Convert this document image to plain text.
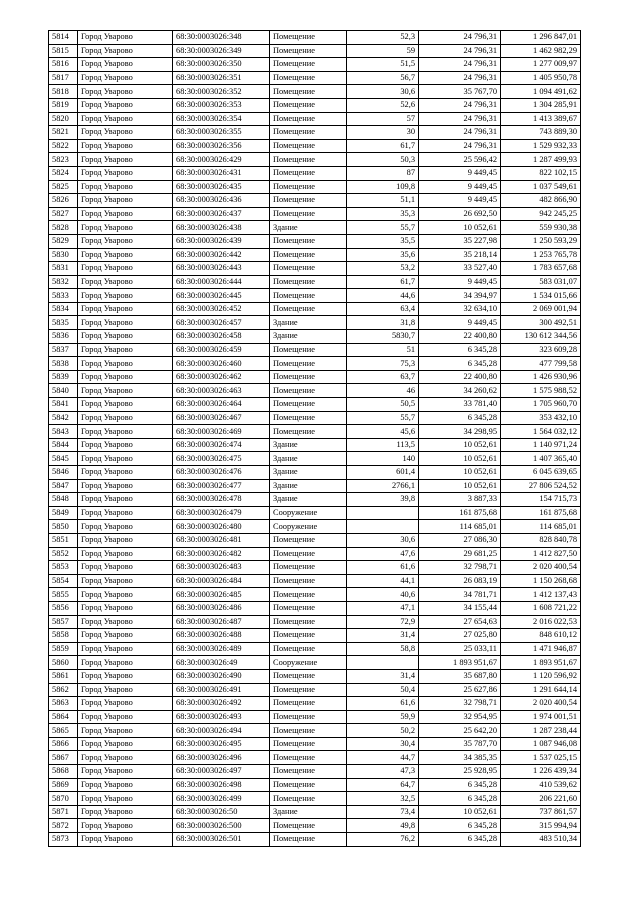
5814	Город Уварово	68:30:0003026:348	Помещение	52,3	24 796,31	1 296 847,01
5815	Город Уварово	68:30:0003026:349	Помещение	59	24 796,31	1 462 982,29
5816	Город Уварово	68:30:0003026:350	Помещение	51,5	24 796,31	1 277 009,97
5817	Город Уварово	68:30:0003026:351	Помещение	56,7	24 796,31	1 405 950,78
5818	Город Уварово	68:30:0003026:352	Помещение	30,6	35 767,70	1 094 491,62
5819	Город Уварово	68:30:0003026:353	Помещение	52,6	24 796,31	1 304 285,91
5820	Город Уварово	68:30:0003026:354	Помещение	57	24 796,31	1 413 389,67
5821	Город Уварово	68:30:0003026:355	Помещение	30	24 796,31	743 889,30
5822	Город Уварово	68:30:0003026:356	Помещение	61,7	24 796,31	1 529 932,33
5823	Город Уварово	68:30:0003026:429	Помещение	50,3	25 596,42	1 287 499,93
5824	Город Уварово	68:30:0003026:431	Помещение	87	9 449,45	822 102,15
5825	Город Уварово	68:30:0003026:435	Помещение	109,8	9 449,45	1 037 549,61
5826	Город Уварово	68:30:0003026:436	Помещение	51,1	9 449,45	482 866,90
5827	Город Уварово	68:30:0003026:437	Помещение	35,3	26 692,50	942 245,25
5828	Город Уварово	68:30:0003026:438	Здание	55,7	10 052,61	559 930,38
5829	Город Уварово	68:30:0003026:439	Помещение	35,5	35 227,98	1 250 593,29
5830	Город Уварово	68:30:0003026:442	Помещение	35,6	35 218,14	1 253 765,78
5831	Город Уварово	68:30:0003026:443	Помещение	53,2	33 527,40	1 783 657,68
5832	Город Уварово	68:30:0003026:444	Помещение	61,7	9 449,45	583 031,07
5833	Город Уварово	68:30:0003026:445	Помещение	44,6	34 394,97	1 534 015,66
5834	Город Уварово	68:30:0003026:452	Помещение	63,4	32 634,10	2 069 001,94
5835	Город Уварово	68:30:0003026:457	Здание	31,8	9 449,45	300 492,51
5836	Город Уварово	68:30:0003026:458	Здание	5830,7	22 400,80	130 612 344,56
5837	Город Уварово	68:30:0003026:459	Помещение	51	6 345,28	323 609,28
5838	Город Уварово	68:30:0003026:460	Помещение	75,3	6 345,28	477 799,58
5839	Город Уварово	68:30:0003026:462	Помещение	63,7	22 400,80	1 426 930,96
5840	Город Уварово	68:30:0003026:463	Помещение	46	34 260,62	1 575 988,52
5841	Город Уварово	68:30:0003026:464	Помещение	50,5	33 781,40	1 705 960,70
5842	Город Уварово	68:30:0003026:467	Помещение	55,7	6 345,28	353 432,10
5843	Город Уварово	68:30:0003026:469	Помещение	45,6	34 298,95	1 564 032,12
5844	Город Уварово	68:30:0003026:474	Здание	113,5	10 052,61	1 140 971,24
5845	Город Уварово	68:30:0003026:475	Здание	140	10 052,61	1 407 365,40
5846	Город Уварово	68:30:0003026:476	Здание	601,4	10 052,61	6 045 639,65
5847	Город Уварово	68:30:0003026:477	Здание	2766,1	10 052,61	27 806 524,52
5848	Город Уварово	68:30:0003026:478	Здание	39,8	3 887,33	154 715,73
5849	Город Уварово	68:30:0003026:479	Сооружение		161 875,68	161 875,68
5850	Город Уварово	68:30:0003026:480	Сооружение		114 685,01	114 685,01
5851	Город Уварово	68:30:0003026:481	Помещение	30,6	27 086,30	828 840,78
5852	Город Уварово	68:30:0003026:482	Помещение	47,6	29 681,25	1 412 827,50
5853	Город Уварово	68:30:0003026:483	Помещение	61,6	32 798,71	2 020 400,54
5854	Город Уварово	68:30:0003026:484	Помещение	44,1	26 083,19	1 150 268,68
5855	Город Уварово	68:30:0003026:485	Помещение	40,6	34 781,71	1 412 137,43
5856	Город Уварово	68:30:0003026:486	Помещение	47,1	34 155,44	1 608 721,22
5857	Город Уварово	68:30:0003026:487	Помещение	72,9	27 654,63	2 016 022,53
5858	Город Уварово	68:30:0003026:488	Помещение	31,4	27 025,80	848 610,12
5859	Город Уварово	68:30:0003026:489	Помещение	58,8	25 033,11	1 471 946,87
5860	Город Уварово	68:30:0003026:49	Сооружение		1 893 951,67	1 893 951,67
5861	Город Уварово	68:30:0003026:490	Помещение	31,4	35 687,80	1 120 596,92
5862	Город Уварово	68:30:0003026:491	Помещение	50,4	25 627,86	1 291 644,14
5863	Город Уварово	68:30:0003026:492	Помещение	61,6	32 798,71	2 020 400,54
5864	Город Уварово	68:30:0003026:493	Помещение	59,9	32 954,95	1 974 001,51
5865	Город Уварово	68:30:0003026:494	Помещение	50,2	25 642,20	1 287 238,44
5866	Город Уварово	68:30:0003026:495	Помещение	30,4	35 787,70	1 087 946,08
5867	Город Уварово	68:30:0003026:496	Помещение	44,7	34 385,35	1 537 025,15
5868	Город Уварово	68:30:0003026:497	Помещение	47,3	25 928,95	1 226 439,34
5869	Город Уварово	68:30:0003026:498	Помещение	64,7	6 345,28	410 539,62
5870	Город Уварово	68:30:0003026:499	Помещение	32,5	6 345,28	206 221,60
5871	Город Уварово	68:30:0003026:50	Здание	73,4	10 052,61	737 861,57
5872	Город Уварово	68:30:0003026:500	Помещение	49,8	6 345,28	315 994,94
5873	Город Уварово	68:30:0003026:501	Помещение	76,2	6 345,28	483 510,34
